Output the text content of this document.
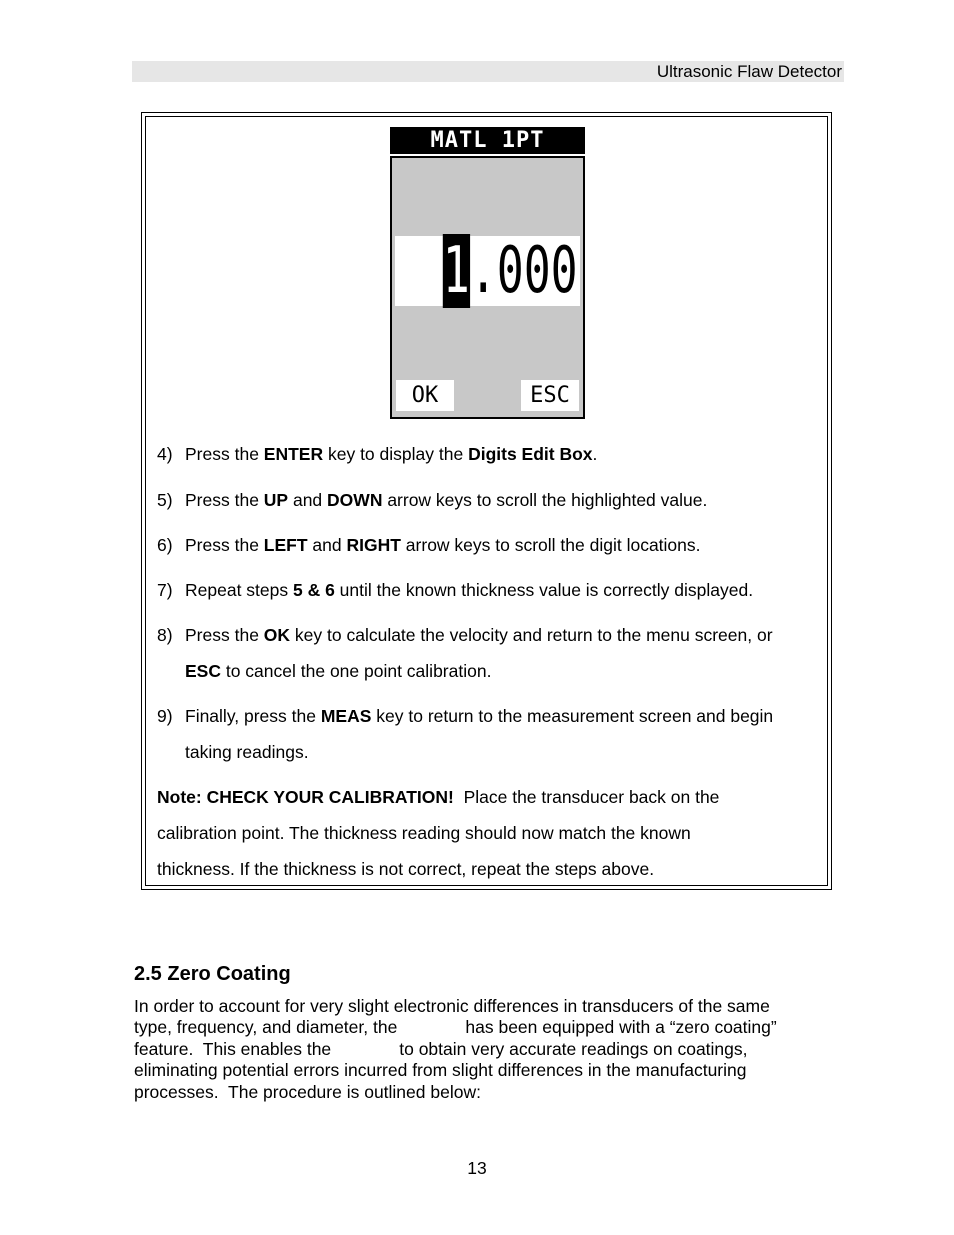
Ultrasonic Flaw Detector
MATL 1PT
1.000
OK	ESC
4) Press the ENTER key to display the Digits Edit Box.
5) Press the UP and DOWN arrow keys to scroll the highlighted value.
6) Press the LEFT and RIGHT arrow keys to scroll the digit locations.
7) Repeat steps 5 & 6 until the known thickness value is correctly displayed.
8) Press the OK key to calculate the velocity and return to the menu screen, or
ESC to cancel the one point calibration.
9) Finally, press the MEAS key to return to the measurement screen and begin
taking readings.
Note: CHECK YOUR CALIBRATION!  Place the transducer back on the
calibration point. The thickness reading should now match the known
thickness. If the thickness is not correct, repeat the steps above.
2.5 Zero Coating
In order to account for very slight electronic differences in transducers of the same
type, frequency, and diameter, the              has been equipped with a “zero coating”
feature.  This enables the              to obtain very accurate readings on coatings,
eliminating potential errors incurred from slight differences in the manufacturing
processes.  The procedure is outlined below:
13
